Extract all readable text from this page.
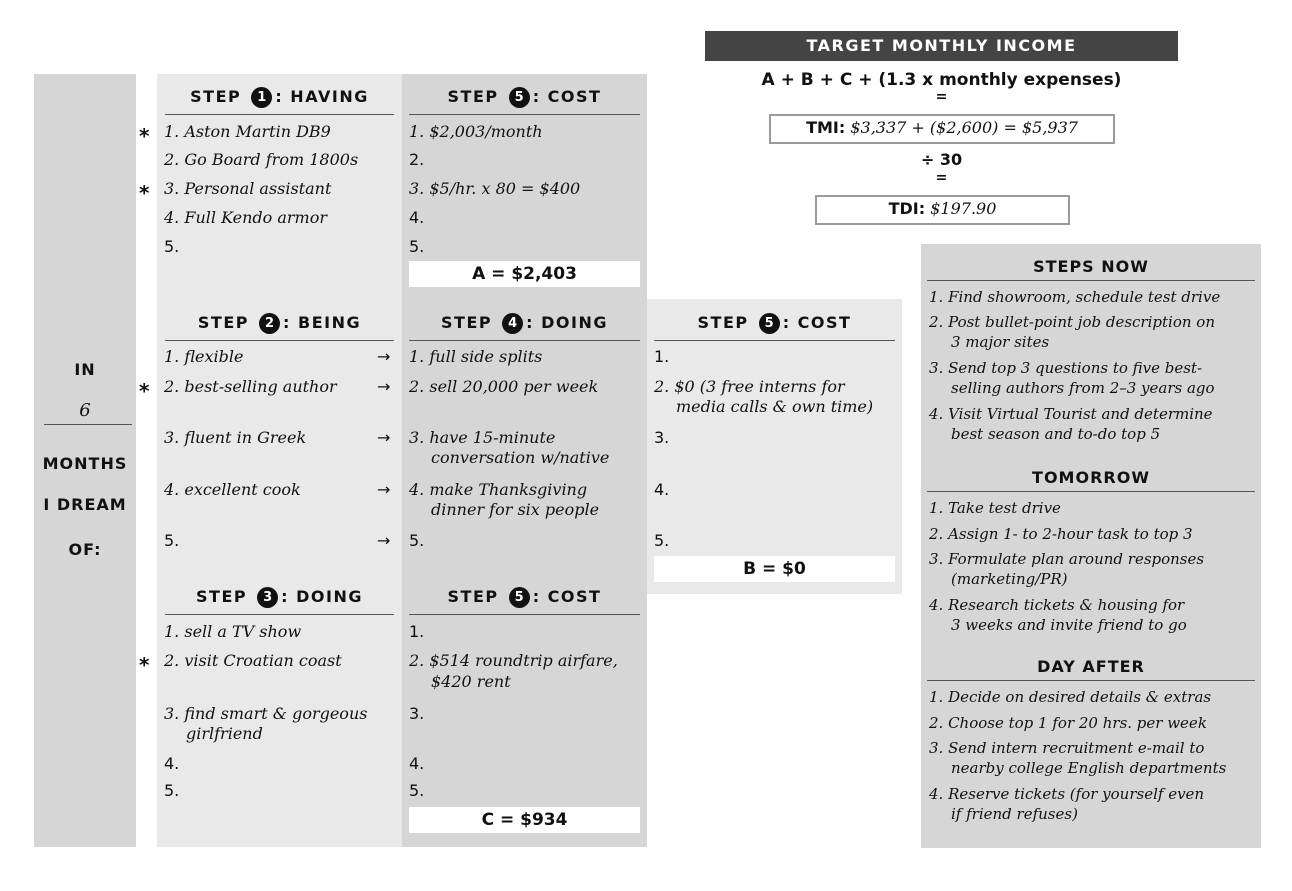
IN
6
MONTHS
I DREAM
OF:
STEP 1 : HAVING
*
*
1. Aston Martin DB9
2. Go Board from 1800s
3. Personal assistant
4. Full Kendo armor
5.
STEP 5 : COST
1. $2,003/month
2.
3. $5/hr. x 80 = $400
4.
5.
A = $2,403
STEP 2 : BEING
*
1. flexible
2. best-selling author
3. fluent in Greek
4. excellent cook
5.
→
→
→
→
→
STEP 4 : DOING
1. full side splits
2. sell 20,000 per week
3. have 15-minute
conversation w/native
4. make Thanksgiving
dinner for six people
5.
STEP 5 : COST
1.
2. $0 (3 free interns for
media calls & own time)
3.
4.
5.
B = $0
STEP 3 : DOING
*
1. sell a TV show
2. visit Croatian coast
3. find smart & gorgeous
girlfriend
4.
5.
STEP 5 : COST
1.
2. $514 roundtrip airfare,
$420 rent
3.
4.
5.
C = $934
TARGET MONTHLY INCOME
A + B + C + (1.3 x monthly expenses)
=
TMI: $3,337 + ($2,600) = $5,937
÷ 30
=
TDI: $197.90
STEPS NOW
1. Find showroom, schedule test drive
2. Post bullet-point job description on
3 major sites
3. Send top 3 questions to five best-
selling authors from 2–3 years ago
4. Visit Virtual Tourist and determine
best season and to-do top 5
TOMORROW
1. Take test drive
2. Assign 1- to 2-hour task to top 3
3. Formulate plan around responses
(marketing/PR)
4. Research tickets & housing for
3 weeks and invite friend to go
DAY AFTER
1. Decide on desired details & extras
2. Choose top 1 for 20 hrs. per week
3. Send intern recruitment e-mail to
nearby college English departments
4. Reserve tickets (for yourself even
if friend refuses)
